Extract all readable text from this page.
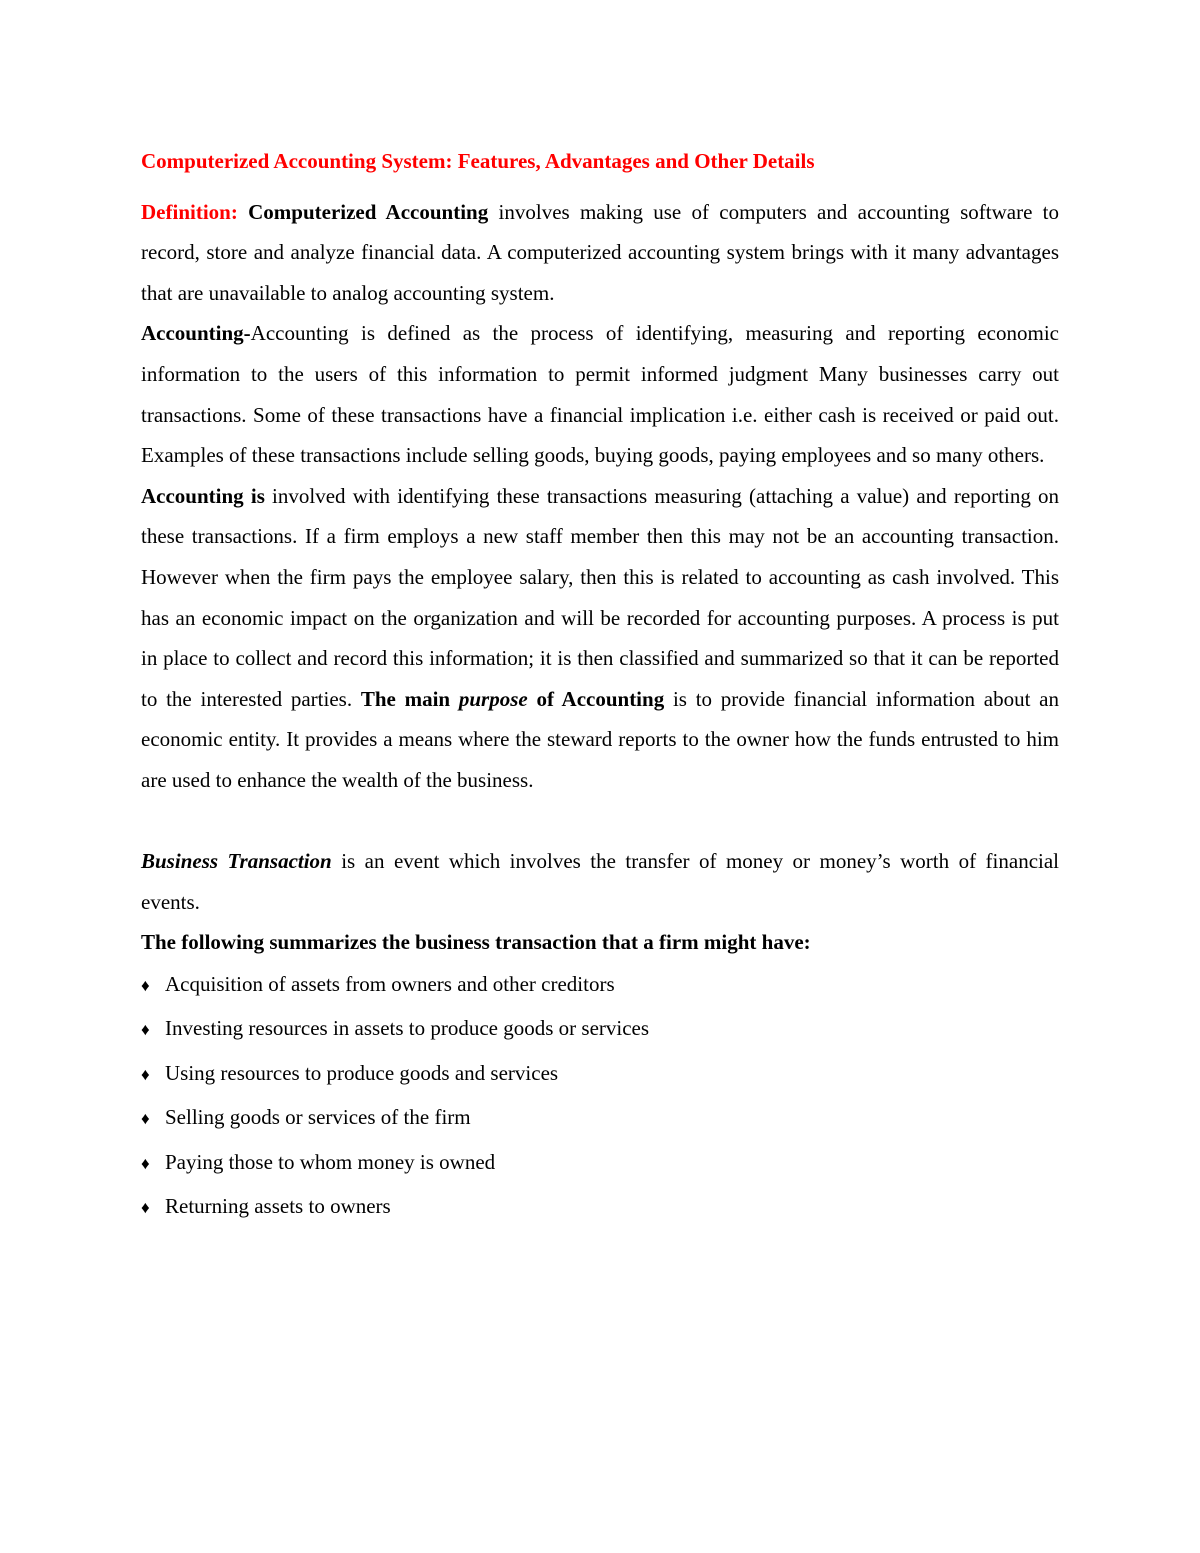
Computerized Accounting System: Features, Advantages and Other Details

Definition: Computerized Accounting involves making use of computers and accounting software to record, store and analyze financial data. A computerized accounting system brings with it many advantages that are unavailable to analog accounting system.

Accounting-Accounting is defined as the process of identifying, measuring and reporting economic information to the users of this information to permit informed judgment Many businesses carry out transactions. Some of these transactions have a financial implication i.e. either cash is received or paid out. Examples of these transactions include selling goods, buying goods, paying employees and so many others.

Accounting is involved with identifying these transactions measuring (attaching a value) and reporting on these transactions. If a firm employs a new staff member then this may not be an accounting transaction. However when the firm pays the employee salary, then this is related to accounting as cash involved. This has an economic impact on the organization and will be recorded for accounting purposes. A process is put in place to collect and record this information; it is then classified and summarized so that it can be reported to the interested parties. The main purpose of Accounting is to provide financial information about an economic entity. It provides a means where the steward reports to the owner how the funds entrusted to him are used to enhance the wealth of the business.

Business Transaction is an event which involves the transfer of money or money’s worth of financial events.

The following summarizes the business transaction that a firm might have:

♦ Acquisition of assets from owners and other creditors
♦ Investing resources in assets to produce goods or services
♦ Using resources to produce goods and services
♦ Selling goods or services of the firm
♦ Paying those to whom money is owned
♦ Returning assets to owners
